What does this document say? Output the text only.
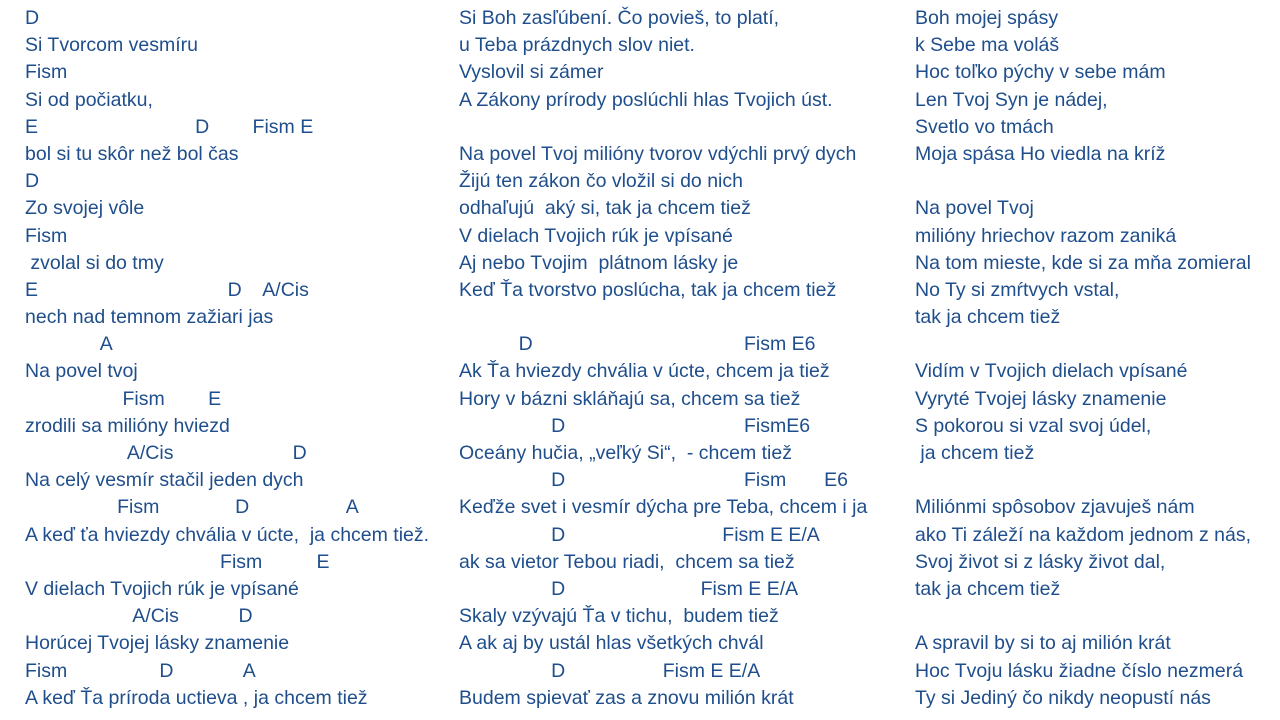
D
Si Tvorcom vesmíru
Fism
Si od počiatku,
E                             D        Fism E
bol si tu skôr než bol čas
D
Zo svojej vôle
Fism
zvolal si do tmy
E                                   D    A/Cis
nech nad temnom zažiari jas
A
Na povel tvoj
Fism        E
zrodili sa milióny hviezd
A/Cis                      D
Na celý vesmír stačil jeden dych
Fism              D                  A
A keď ťa hviezdy chvália v úcte,  ja chcem tiež.
Fism          E
V dielach Tvojich rúk je vpísané
A/Cis           D
Horúcej Tvojej lásky znamenie
Fism                 D             A
A keď Ťa príroda uctieva , ja chcem tiež
Si Boh zasľúbení. Čo povieš, to platí,
u Teba prázdnych slov niet.
Vyslovil si zámer
A Zákony prírody poslúchli hlas Tvojich úst.
Na povel Tvoj milióny tvorov vdýchli prvý dych
Žijú ten zákon čo vložil si do nich
odhaľujú  aký si, tak ja chcem tiež
V dielach Tvojich rúk je vpísané
Aj nebo Tvojim  plátnom lásky je
Keď Ťa tvorstvo poslúcha, tak ja chcem tiež
D                                       Fism E6
Ak Ťa hviezdy chvália v úcte, chcem ja tiež
Hory v bázni skláňajú sa, chcem sa tiež
D                                 FismE6
Oceány hučia, „veľký Si“,  - chcem tiež
D                                 Fism       E6
Keďže svet i vesmír dýcha pre Teba, chcem i ja
D                             Fism E E/A
ak sa vietor Tebou riadi,  chcem sa tiež
D                         Fism E E/A
Skaly vzývajú Ťa v tichu,  budem tiež
A ak aj by ustál hlas všetkých chvál
D                  Fism E E/A
Budem spievať zas a znovu milión krát
Boh mojej spásy
k Sebe ma voláš
Hoc toľko pýchy v sebe mám
Len Tvoj Syn je nádej,
Svetlo vo tmách
Moja spása Ho viedla na kríž
Na povel Tvoj
milióny hriechov razom zaniká
Na tom mieste, kde si za mňa zomieral
No Ty si zmŕtvych vstal,
tak ja chcem tiež
Vidím v Tvojich dielach vpísané
Vyryté Tvojej lásky znamenie
S pokorou si vzal svoj údel,
ja chcem tiež
Miliónmi spôsobov zjavuješ nám
ako Ti záleží na každom jednom z nás,
Svoj život si z lásky život dal,
tak ja chcem tiež
A spravil by si to aj milión krát
Hoc Tvoju lásku žiadne číslo nezmerá
Ty si Jediný čo nikdy neopustí nás
